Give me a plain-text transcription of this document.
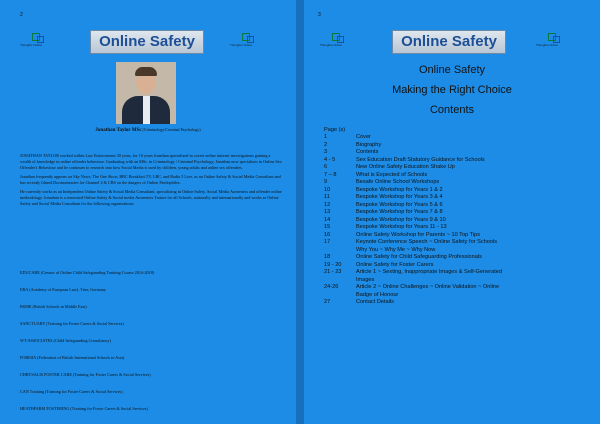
2
Thoughts Online	Online Safety	Thoughts Online
Jonathan Taylor MSc (Criminology/Criminal Psychology)

JONATHAN TAYLOR worked within Law Enforcement 30 years, for 10 years Jonathan specialized in covert online internet investigations gaining a wealth of knowledge in online offender behaviour. Graduating with an MSc. in Criminology / Criminal Psychology, Jonathan now specializes in Online Sex Offender's Behaviour and he continues to research into how Social Media is used by children, young adults and online sex offenders.

Jonathan frequently appears on Sky News, The One Show, BBC Breakfast TV, LBC, and Radio 5 Live, as an Online Safety & Social Media Consultant and has recently filmed Documentaries for Channel 4 & CBS on the dangers of Online Paedophiles.

He currently works as an Independent Online Safety & Social Media Consultant, specializing in Online Safety, Social Media Awareness and offender online methodology. Jonathan is a renowned Online Safety & Social media Awareness Trainer for all Schools, nationally and internationally and works as Online Safety and Social Media Consultant for the following organizations:

EDUCARE (Creator of Online Child Safeguarding Training Course 2014-2018)
ERA (Academy of European Law), Trier, Germany
BSME (British Schools in Middle East)
SANCTUARY (Training for Foster Carers & Social Services)
WT-ASSOCIATES (Child Safeguarding Consultancy)
FOBISIA (Federation of British International Schools in Asia)
CHRYSALIS FOSTER CARE (Training for Foster Carers & Social Services)
CAN Training (Training for Foster Carers & Social Services)
HEATHFARM FOSTERING (Training for Foster Carers & Social Services)
3
Thoughts Online	Online Safety	Thoughts Online
Online Safety
Making the Right Choice
Contents
Page (s)
1	Cover
2	Biography
3	Contents
4 - 5	Sex Education Draft Statutory Guidance for Schools
6	New Online Safety Education Shake Up
7 – 8	What is Expected of Schools
9	Besafe Online School Workshops
10	Bespoke Workshop for Years 1 & 2
11	Bespoke Workshop for Years 3 & 4
12	Bespoke Workshop for Years 5 & 6
13	Bespoke Workshop for Years 7 & 8
14	Bespoke Workshop for Years 9 & 10
15	Bespoke Workshop for Years 11 - 13
16	Online Safety Workshop for Parents ~ 10 Top Tips
17	Keynote Conference Speech ~ Online Safety for Schools
Why You ~ Why Me ~ Why Now
18	Online Safety for Child Safeguarding Professionals
19 - 20	Online Safety for Foster Carers
21 - 23	Article 1 ~ Sexting, Inappropriate Images & Self-Generated
Images
24-26	Article 2 ~ Online Challenges ~ Online Validation ~ Online
Badge of Honour
27	Contact Details
